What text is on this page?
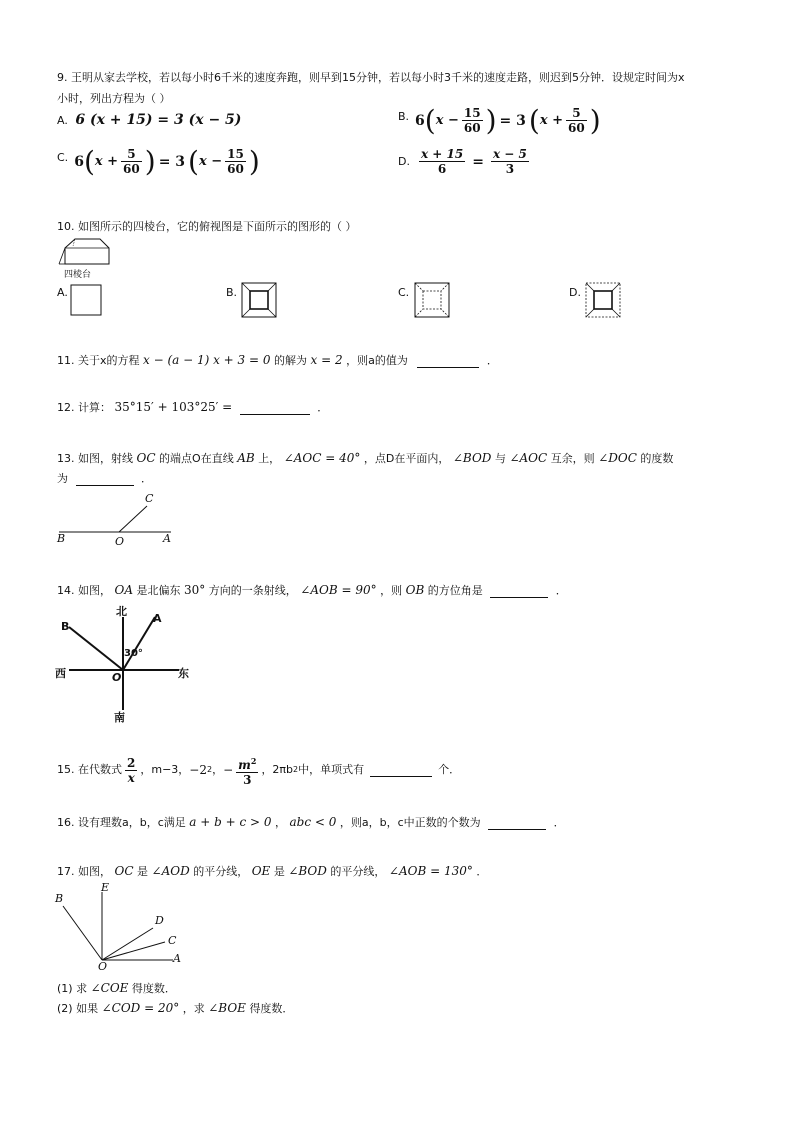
9. 王明从家去学校，若以每小时6千米的速度奔跑，则早到15分钟，若以每小时3千米的速度走路，则迟到5分钟．设规定时间为x
小时，列出方程为（ ）
A. 6 (x + 15) = 3 (x − 5)	B. 6 ( $x - \frac{15}{60}$ ) = 3 ( $x + \frac{5}{60}$ )
C. 6 ( $x + \frac{5}{60}$ ) = 3 ( $x - \frac{15}{60}$ )	D. $\frac{x + 15}{6} = \frac{x - 5}{3}$
10. 如图所示的四棱台，它的俯视图是下面所示的图形的（ ）
四棱台
A.	B.	C.	D.
11. 关于x的方程 x − (a − 1) x + 3 = 0 的解为 x = 2 ，则a的值为	．
12. 计算： 35°15′ + 103°25′ =	．
13. 如图，射线 OC 的端点O在直线 AB 上， ∠AOC = 40° ，点D在平面内， ∠BOD 与 ∠AOC 互余，则 ∠DOC 的度数
为	．
B	O	A
C
14. 如图， OA 是北偏东 30° 方向的一条射线， ∠AOB = 90° ，则 OB 的方位角是	．
北
南
西	东
B
A
O
30°
15. 在代数式 $\frac{2}{x}$ ，m−3， −2 2 ， − $\frac{m^2}{3}$ ，2πb 2 中，单项式有	个．
16. 设有理数a，b，c满足 a + b + c > 0 ， abc < 0 ，则a，b，c中正数的个数为	．
17. 如图， OC 是 ∠AOD 的平分线， OE 是 ∠BOD 的平分线， ∠AOB = 130° ．
B
E
D
C
A
O
(1) 求 ∠COE 得度数．
(2) 如果 ∠COD = 20° ，求 ∠BOE 得度数．
